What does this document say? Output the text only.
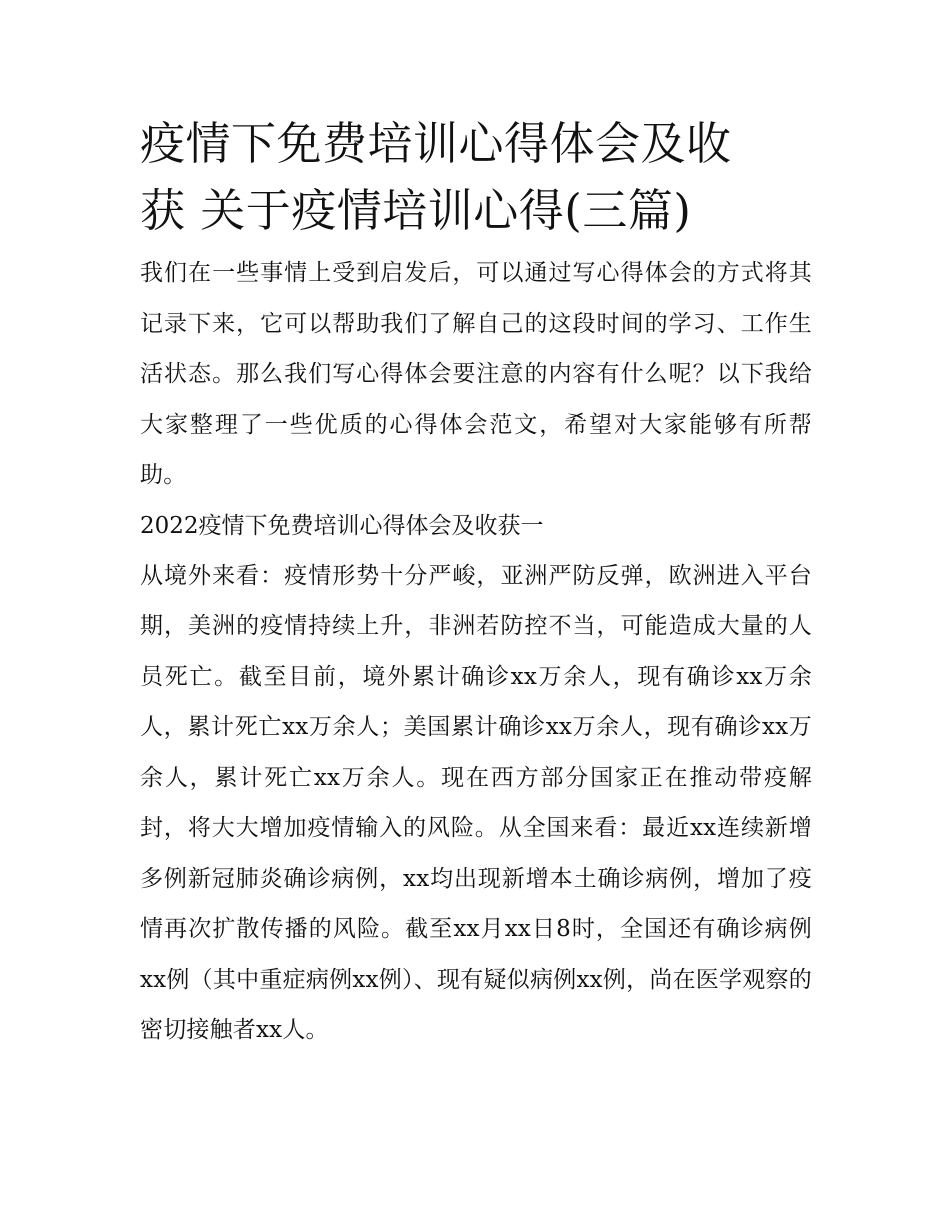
疫情下免费培训心得体会及收
获 关于疫情培训心得(三篇)

我们在一些事情上受到启发后，可以通过写心得体会的方式将其记录下来，它可以帮助我们了解自己的这段时间的学习、工作生活状态。那么我们写心得体会要注意的内容有什么呢？以下我给大家整理了一些优质的心得体会范文，希望对大家能够有所帮助。

2022疫情下免费培训心得体会及收获一

从境外来看：疫情形势十分严峻，亚洲严防反弹，欧洲进入平台期，美洲的疫情持续上升，非洲若防控不当，可能造成大量的人员死亡。截至目前，境外累计确诊xx万余人，现有确诊xx万余人，累计死亡xx万余人；美国累计确诊xx万余人，现有确诊xx万余人，累计死亡xx万余人。现在西方部分国家正在推动带疫解封，将大大增加疫情输入的风险。从全国来看：最近xx连续新增多例新冠肺炎确诊病例，xx均出现新增本土确诊病例，增加了疫情再次扩散传播的风险。截至xx月xx日8时，全国还有确诊病例xx例（其中重症病例xx例）、现有疑似病例xx例，尚在医学观察的密切接触者xx人。
